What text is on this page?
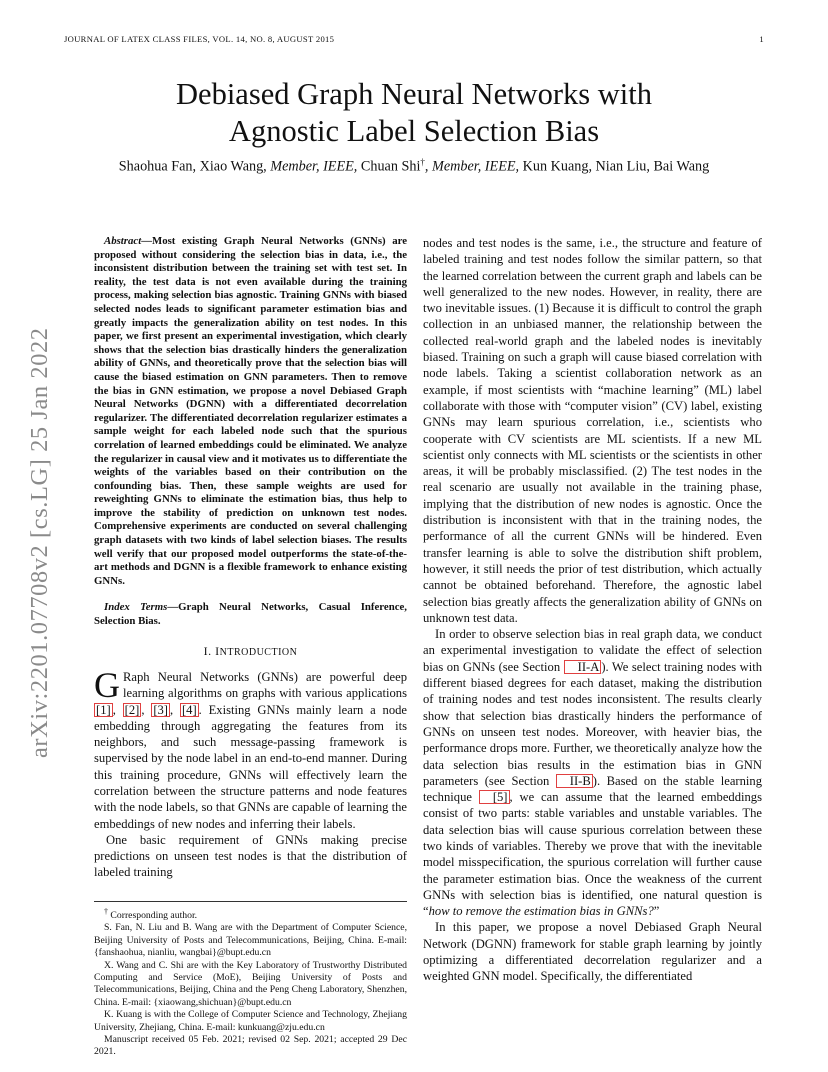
JOURNAL OF LATEX CLASS FILES, VOL. 14, NO. 8, AUGUST 2015	1
arXiv:2201.07708v2 [cs.LG] 25 Jan 2022
Debiased Graph Neural Networks with
Agnostic Label Selection Bias
Shaohua Fan, Xiao Wang, Member, IEEE, Chuan Shi†, Member, IEEE, Kun Kuang, Nian Liu, Bai Wang

Abstract—Most existing Graph Neural Networks (GNNs) are proposed without considering the selection bias in data, i.e., the inconsistent distribution between the training set with test set. In reality, the test data is not even available during the training process, making selection bias agnostic. Training GNNs with biased selected nodes leads to significant parameter estimation bias and greatly impacts the generalization ability on test nodes. In this paper, we first present an experimental investigation, which clearly shows that the selection bias drastically hinders the generalization ability of GNNs, and theoretically prove that the selection bias will cause the biased estimation on GNN parameters. Then to remove the bias in GNN estimation, we propose a novel Debiased Graph Neural Networks (DGNN) with a differentiated decorrelation regularizer. The differentiated decorrelation regularizer estimates a sample weight for each labeled node such that the spurious correlation of learned embeddings could be eliminated. We analyze the regularizer in causal view and it motivates us to differentiate the weights of the variables based on their contribution on the confounding bias. Then, these sample weights are used for reweighting GNNs to eliminate the estimation bias, thus help to improve the stability of prediction on unknown test nodes. Comprehensive experiments are conducted on several challenging graph datasets with two kinds of label selection biases. The results well verify that our proposed model outperforms the state-of-the-art methods and DGNN is a flexible framework to enhance existing GNNs.

Index Terms—Graph Neural Networks, Casual Inference, Selection Bias.

I. INTRODUCTION

G Raph Neural Networks (GNNs) are powerful deep learning algorithms on graphs with various applications [1] , [2] , [3] , [4] . Existing GNNs mainly learn a node embedding through aggregating the features from its neighbors, and such message-passing framework is supervised by the node label in an end-to-end manner. During this training procedure, GNNs will effectively learn the correlation between the structure patterns and node features with the node labels, so that GNNs are capable of learning the embeddings of new nodes and inferring their labels.

One basic requirement of GNNs making precise predictions on unseen test nodes is that the distribution of labeled training

† Corresponding author.

S. Fan, N. Liu and B. Wang are with the Department of Computer Science, Beijing University of Posts and Telecommunications, Beijing, China. E-mail: {fanshaohua, nianliu, wangbai}@bupt.edu.cn

X. Wang and C. Shi are with the Key Laboratory of Trustworthy Distributed Computing and Service (MoE), Beijing University of Posts and Telecommunications, Beijing, China and the Peng Cheng Laboratory, Shenzhen, China. E-mail: {xiaowang,shichuan}@bupt.edu.cn

K. Kuang is with the College of Computer Science and Technology, Zhejiang University, Zhejiang, China. E-mail: kunkuang@zju.edu.cn

Manuscript received 05 Feb. 2021; revised 02 Sep. 2021; accepted 29 Dec 2021.

nodes and test nodes is the same, i.e., the structure and feature of labeled training and test nodes follow the similar pattern, so that the learned correlation between the current graph and labels can be well generalized to the new nodes. However, in reality, there are two inevitable issues. (1) Because it is difficult to control the graph collection in an unbiased manner, the relationship between the collected real-world graph and the labeled nodes is inevitably biased. Training on such a graph will cause biased correlation with node labels. Taking a scientist collaboration network as an example, if most scientists with “machine learning” (ML) label collaborate with those with “computer vision” (CV) label, existing GNNs may learn spurious correlation, i.e., scientists who cooperate with CV scientists are ML scientists. If a new ML scientist only connects with ML scientists or the scientists in other areas, it will be probably misclassified. (2) The test nodes in the real scenario are usually not available in the training phase, implying that the distribution of new nodes is agnostic. Once the distribution is inconsistent with that in the training nodes, the performance of all the current GNNs will be hindered. Even transfer learning is able to solve the distribution shift problem, however, it still needs the prior of test distribution, which actually cannot be obtained beforehand. Therefore, the agnostic label selection bias greatly affects the generalization ability of GNNs on unknown test data.

In order to observe selection bias in real graph data, we conduct an experimental investigation to validate the effect of selection bias on GNNs (see Section II-A ). We select training nodes with different biased degrees for each dataset, making the distribution of training nodes and test nodes inconsistent. The results clearly show that selection bias drastically hinders the performance of GNNs on unseen test nodes. Moreover, with heavier bias, the performance drops more. Further, we theoretically analyze how the data selection bias results in the estimation bias in GNN parameters (see Section II-B ). Based on the stable learning technique [5] , we can assume that the learned embeddings consist of two parts: stable variables and unstable variables. The data selection bias will cause spurious correlation between these two kinds of variables. Thereby we prove that with the inevitable model misspecification, the spurious correlation will further cause the parameter estimation bias. Once the weakness of the current GNNs with selection bias is identified, one natural question is “how to remove the estimation bias in GNNs?”

In this paper, we propose a novel Debiased Graph Neural Network (DGNN) framework for stable graph learning by jointly optimizing a differentiated decorrelation regularizer and a weighted GNN model. Specifically, the differentiated
